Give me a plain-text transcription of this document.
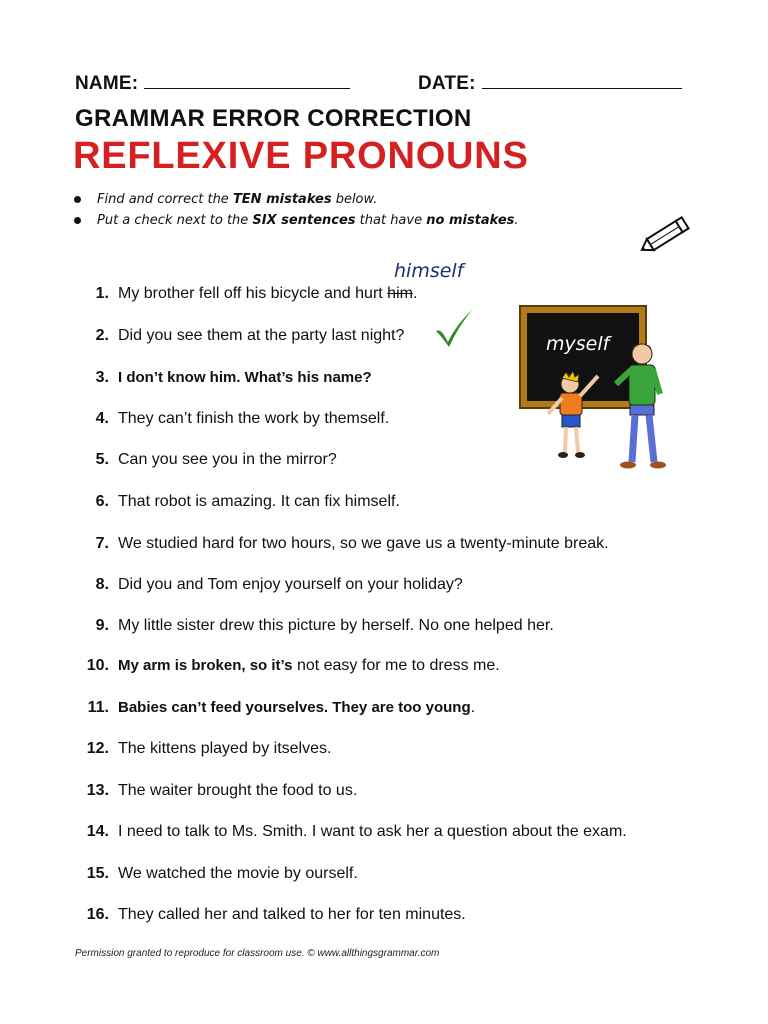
NAME:	DATE:
GRAMMAR ERROR CORRECTION
REFLEXIVE PRONOUNS
Find and correct the TEN mistakes below.
Put a check next to the SIX sentences that have no mistakes.
himself
myself
1. My brother fell off his bicycle and hurt him.
2. Did you see them at the party last night?
3. I don’t know him. What’s his name?
4. They can’t finish the work by themself.
5. Can you see you in the mirror?
6. That robot is amazing. It can fix himself.
7. We studied hard for two hours, so we gave us a twenty-minute break.
8. Did you and Tom enjoy yourself on your holiday?
9. My little sister drew this picture by herself. No one helped her.
10. My arm is broken, so it’s not easy for me to dress me.
11. Babies can’t feed yourselves. They are too young.
12. The kittens played by itselves.
13. The waiter brought the food to us.
14. I need to talk to Ms. Smith. I want to ask her a question about the exam.
15. We watched the movie by ourself.
16. They called her and talked to her for ten minutes.
Permission granted to reproduce for classroom use. © www.allthingsgrammar.com
